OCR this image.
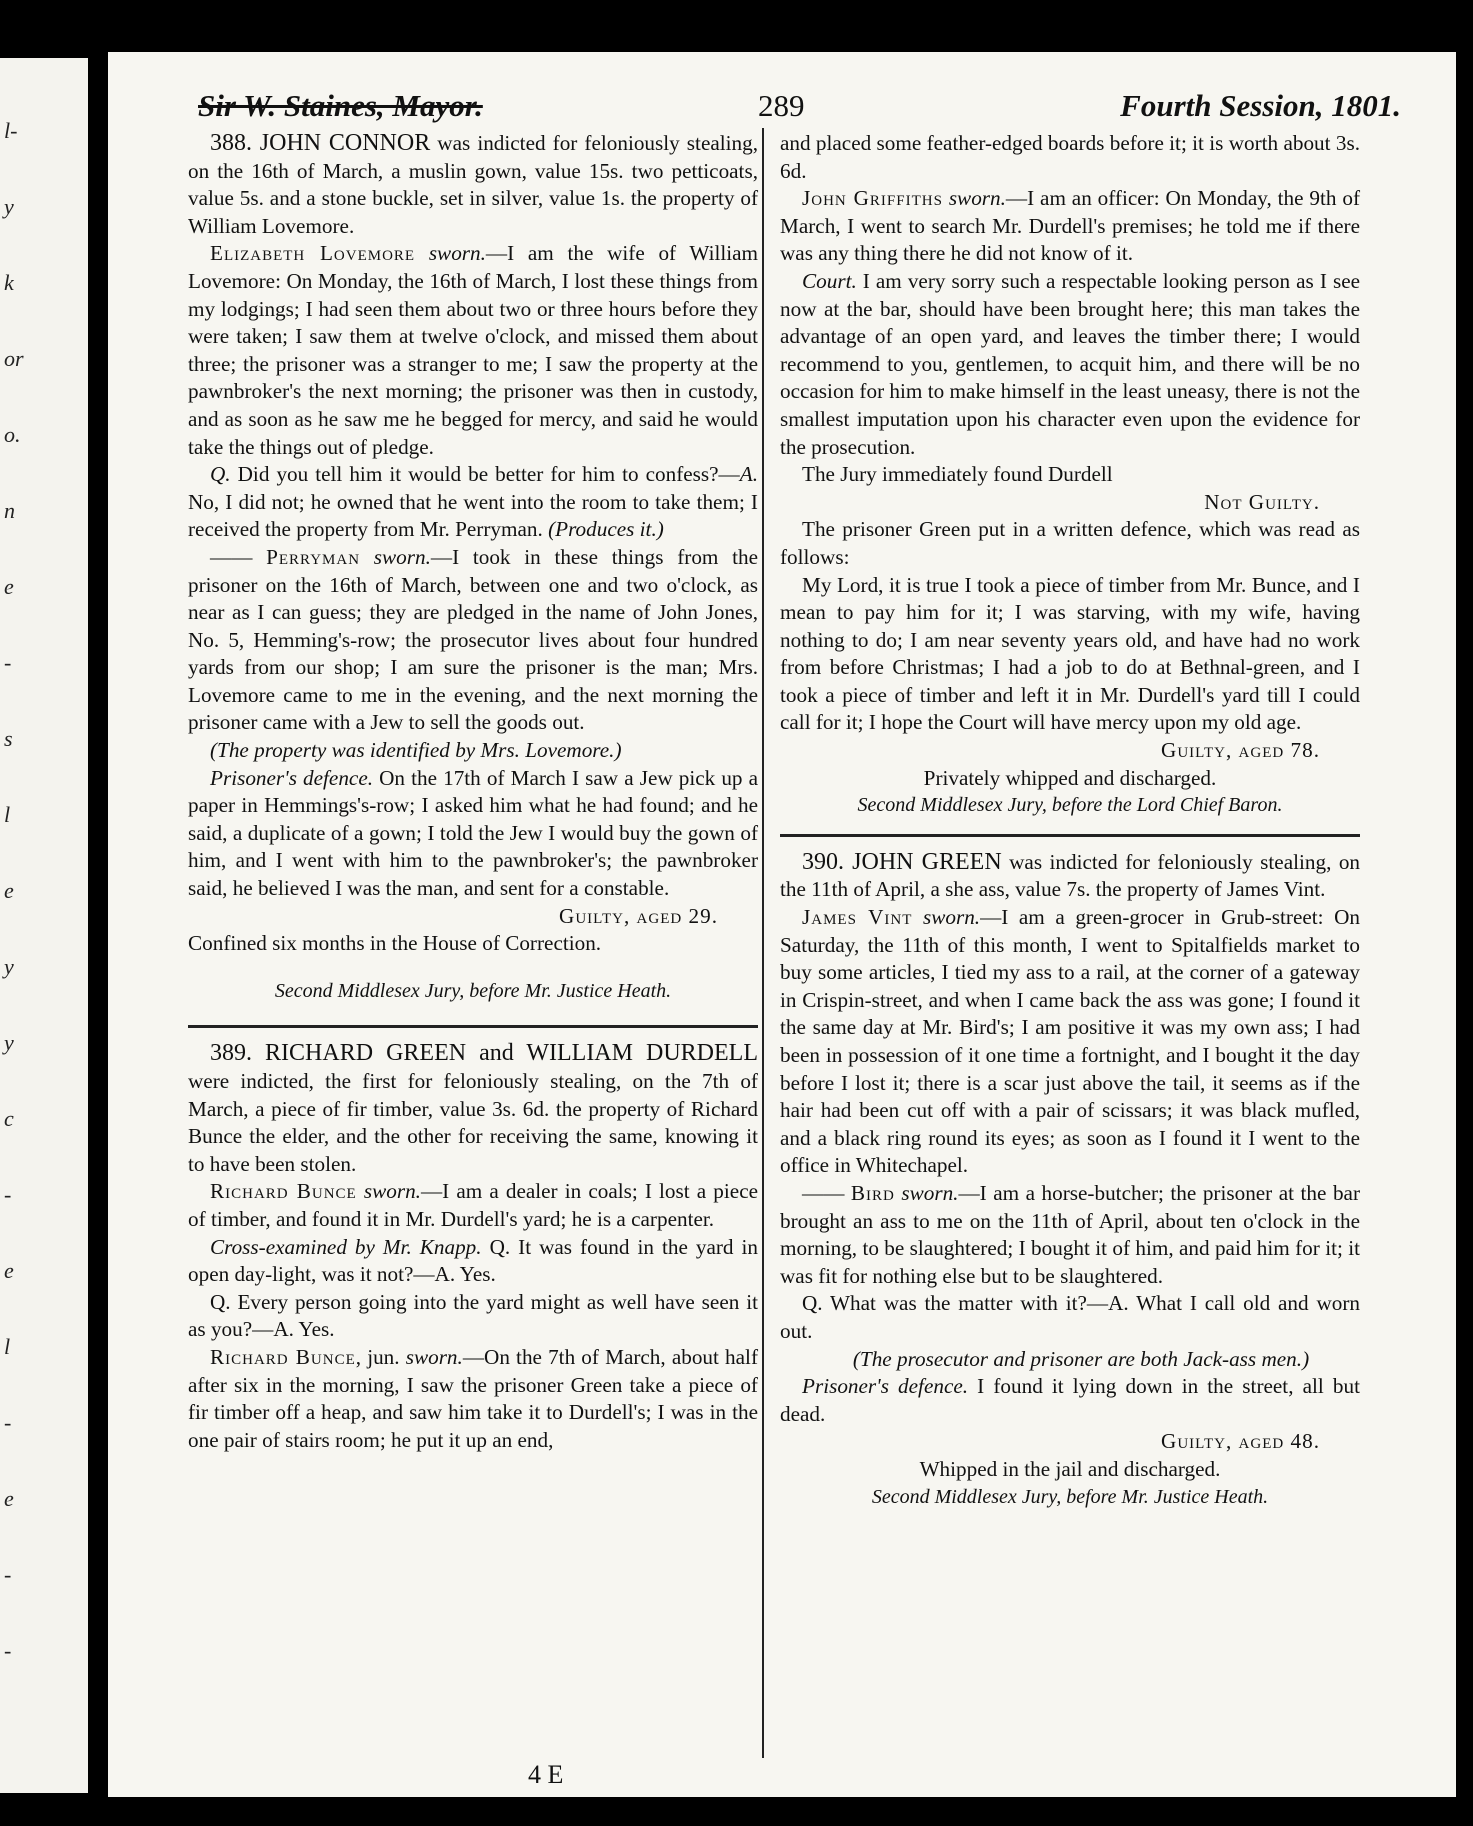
l-
y
k
or
o.
n
e
-
s
l
e
y
y
c
-
e
l
-
e
-
-
Sir W. Staines, Mayor.	289	Fourth Session, 1801.

388. JOHN CONNOR was indicted for feloniously stealing, on the 16th of March, a muslin gown, value 15s. two petticoats, value 5s. and a stone buckle, set in silver, value 1s. the property of William Lovemore.

Elizabeth Lovemore sworn.—I am the wife of William Lovemore: On Monday, the 16th of March, I lost these things from my lodgings; I had seen them about two or three hours before they were taken; I saw them at twelve o'clock, and missed them about three; the prisoner was a stranger to me; I saw the property at the pawnbroker's the next morning; the prisoner was then in custody, and as soon as he saw me he begged for mercy, and said he would take the things out of pledge.

Q. Did you tell him it would be better for him to confess?—A. No, I did not; he owned that he went into the room to take them; I received the property from Mr. Perryman. (Produces it.)

—— Perryman sworn.—I took in these things from the prisoner on the 16th of March, between one and two o'clock, as near as I can guess; they are pledged in the name of John Jones, No. 5, Hemming's-row; the prosecutor lives about four hundred yards from our shop; I am sure the prisoner is the man; Mrs. Lovemore came to me in the evening, and the next morning the prisoner came with a Jew to sell the goods out.

(The property was identified by Mrs. Lovemore.)

Prisoner's defence. On the 17th of March I saw a Jew pick up a paper in Hemmings's-row; I asked him what he had found; and he said, a duplicate of a gown; I told the Jew I would buy the gown of him, and I went with him to the pawnbroker's; the pawnbroker said, he believed I was the man, and sent for a constable.

Guilty, aged 29.

Confined six months in the House of Correction.

Second Middlesex Jury, before Mr. Justice Heath.

389. RICHARD GREEN and WILLIAM DURDELL were indicted, the first for feloniously stealing, on the 7th of March, a piece of fir timber, value 3s. 6d. the property of Richard Bunce the elder, and the other for receiving the same, knowing it to have been stolen.

Richard Bunce sworn.—I am a dealer in coals; I lost a piece of timber, and found it in Mr. Durdell's yard; he is a carpenter.

Cross-examined by Mr. Knapp. Q. It was found in the yard in open day-light, was it not?—A. Yes.

Q. Every person going into the yard might as well have seen it as you?—A. Yes.

Richard Bunce, jun. sworn.—On the 7th of March, about half after six in the morning, I saw the prisoner Green take a piece of fir timber off a heap, and saw him take it to Durdell's; I was in the one pair of stairs room; he put it up an end,

and placed some feather-edged boards before it; it is worth about 3s. 6d.

John Griffiths sworn.—I am an officer: On Monday, the 9th of March, I went to search Mr. Durdell's premises; he told me if there was any thing there he did not know of it.

Court. I am very sorry such a respectable looking person as I see now at the bar, should have been brought here; this man takes the advantage of an open yard, and leaves the timber there; I would recommend to you, gentlemen, to acquit him, and there will be no occasion for him to make himself in the least uneasy, there is not the smallest imputation upon his character even upon the evidence for the prosecution.

The Jury immediately found Durdell

Not Guilty.

The prisoner Green put in a written defence, which was read as follows:

My Lord, it is true I took a piece of timber from Mr. Bunce, and I mean to pay him for it; I was starving, with my wife, having nothing to do; I am near seventy years old, and have had no work from before Christmas; I had a job to do at Bethnal-green, and I took a piece of timber and left it in Mr. Durdell's yard till I could call for it; I hope the Court will have mercy upon my old age.

Guilty, aged 78.

Privately whipped and discharged.

Second Middlesex Jury, before the Lord Chief Baron.

390. JOHN GREEN was indicted for feloniously stealing, on the 11th of April, a she ass, value 7s. the property of James Vint.

James Vint sworn.—I am a green-grocer in Grub-street: On Saturday, the 11th of this month, I went to Spitalfields market to buy some articles, I tied my ass to a rail, at the corner of a gateway in Crispin-street, and when I came back the ass was gone; I found it the same day at Mr. Bird's; I am positive it was my own ass; I had been in possession of it one time a fortnight, and I bought it the day before I lost it; there is a scar just above the tail, it seems as if the hair had been cut off with a pair of scissars; it was black mufled, and a black ring round its eyes; as soon as I found it I went to the office in Whitechapel.

—— Bird sworn.—I am a horse-butcher; the prisoner at the bar brought an ass to me on the 11th of April, about ten o'clock in the morning, to be slaughtered; I bought it of him, and paid him for it; it was fit for nothing else but to be slaughtered.

Q. What was the matter with it?—A. What I call old and worn out.

(The prosecutor and prisoner are both Jack-ass men.)

Prisoner's defence. I found it lying down in the street, all but dead.

Guilty, aged 48.

Whipped in the jail and discharged.

Second Middlesex Jury, before Mr. Justice Heath.

4 E
